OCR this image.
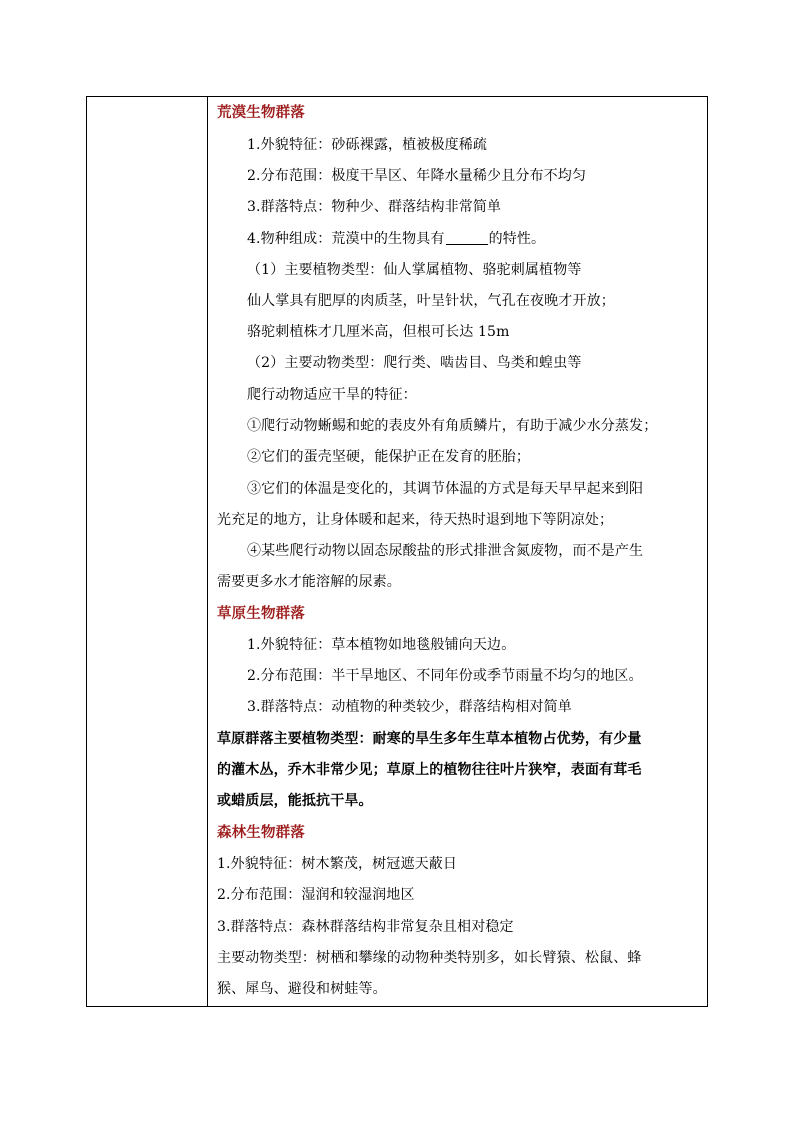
荒漠生物群落
1.外貌特征：砂砾裸露，植被极度稀疏
2.分布范围：极度干旱区、年降水量稀少且分布不均匀
3.群落特点：物种少、群落结构非常简单
4.物种组成：荒漠中的生物具有	的特性。
（1）主要植物类型：仙人掌属植物、骆驼刺属植物等
仙人掌具有肥厚的肉质茎，叶呈针状，气孔在夜晚才开放；
骆驼刺植株才几厘米高，但根可长达 15m
（2）主要动物类型：爬行类、啮齿目、鸟类和蝗虫等
爬行动物适应干旱的特征：
①爬行动物蜥蜴和蛇的表皮外有角质鳞片，有助于减少水分蒸发；
②它们的蛋壳坚硬，能保护正在发育的胚胎；
③它们的体温是变化的，其调节体温的方式是每天早早起来到阳
光充足的地方，让身体暖和起来，待天热时退到地下等阴凉处；
④某些爬行动物以固态尿酸盐的形式排泄含氮废物，而不是产生
需要更多水才能溶解的尿素。
草原生物群落
1.外貌特征：草本植物如地毯般铺向天边。
2.分布范围：半干旱地区、不同年份或季节雨量不均匀的地区。
3.群落特点：动植物的种类较少，群落结构相对简单
草原群落主要植物类型：耐寒的旱生多年生草本植物占优势，有少量
的灌木丛，乔木非常少见；草原上的植物往往叶片狭窄，表面有茸毛
或蜡质层，能抵抗干旱。
森林生物群落
1.外貌特征：树木繁茂，树冠遮天蔽日
2.分布范围：湿润和较湿润地区
3.群落特点：森林群落结构非常复杂且相对稳定
主要动物类型：树栖和攀缘的动物种类特别多，如长臂猿、松鼠、蜂
猴、犀鸟、避役和树蛙等。
